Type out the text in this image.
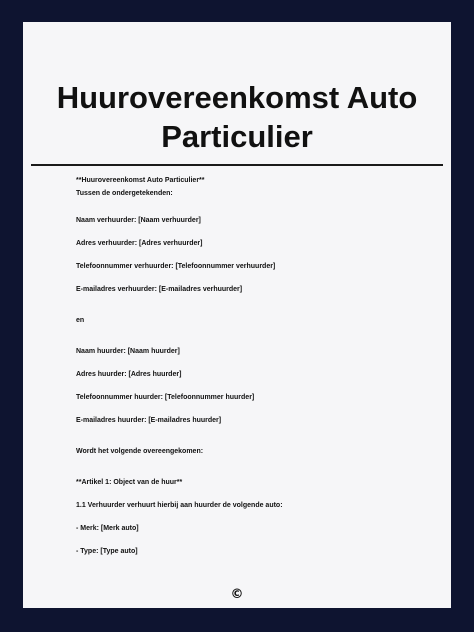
Huurovereenkomst Auto
Particulier
**Huurovereenkomst Auto Particulier**
Tussen de ondergetekenden:
Naam verhuurder: [Naam verhuurder]
Adres verhuurder: [Adres verhuurder]
Telefoonnummer verhuurder: [Telefoonnummer verhuurder]
E-mailadres verhuurder: [E-mailadres verhuurder]
en
Naam huurder: [Naam huurder]
Adres huurder: [Adres huurder]
Telefoonnummer huurder: [Telefoonnummer huurder]
E-mailadres huurder: [E-mailadres huurder]
Wordt het volgende overeengekomen:
**Artikel 1: Object van de huur**
1.1 Verhuurder verhuurt hierbij aan huurder de volgende auto:
- Merk: [Merk auto]
- Type: [Type auto]
©
